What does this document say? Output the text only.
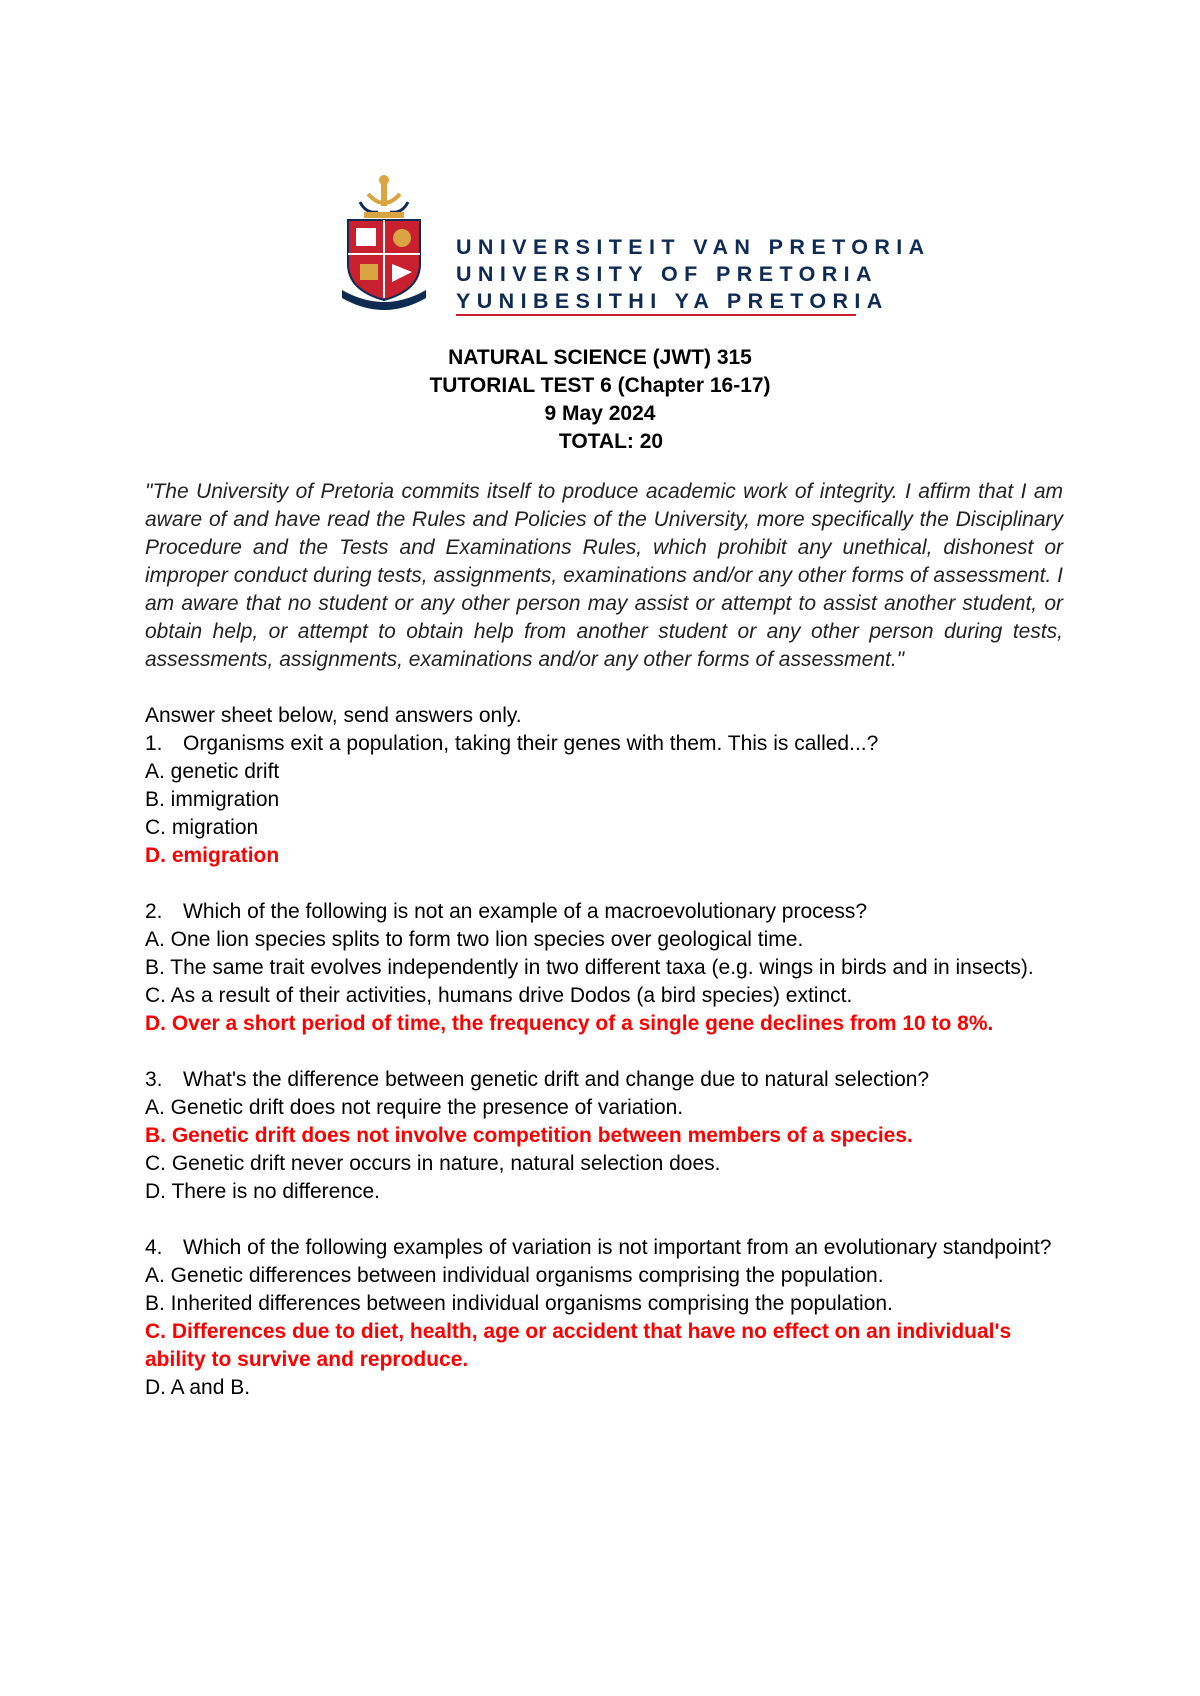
UNIVERSITEIT VAN PRETORIA
UNIVERSITY OF PRETORIA
YUNIBESITHI YA PRETORIA
NATURAL SCIENCE (JWT) 315
TUTORIAL TEST 6 (Chapter 16-17)
9 May 2024
TOTAL: 20

"The University of Pretoria commits itself to produce academic work of integrity. I affirm that I am aware of and have read the Rules and Policies of the University, more specifically the Disciplinary Procedure and the Tests and Examinations Rules, which prohibit any unethical, dishonest or improper conduct during tests, assignments, examinations and/or any other forms of assessment. I am aware that no student or any other person may assist or attempt to assist another student, or obtain help, or attempt to obtain help from another student or any other person during tests, assessments, assignments, examinations and/or any other forms of assessment."

Answer sheet below, send answers only.
1. Organisms exit a population, taking their genes with them. This is called...?
A. genetic drift
B. immigration
C. migration
D. emigration
2. Which of the following is not an example of a macroevolutionary process?
A. One lion species splits to form two lion species over geological time.
B. The same trait evolves independently in two different taxa (e.g. wings in birds and in insects).
C. As a result of their activities, humans drive Dodos (a bird species) extinct.
D. Over a short period of time, the frequency of a single gene declines from 10 to 8%.
3. What's the difference between genetic drift and change due to natural selection?
A. Genetic drift does not require the presence of variation.
B. Genetic drift does not involve competition between members of a species.
C. Genetic drift never occurs in nature, natural selection does.
D. There is no difference.
4. Which of the following examples of variation is not important from an evolutionary standpoint?
A. Genetic differences between individual organisms comprising the population.
B. Inherited differences between individual organisms comprising the population.
C. Differences due to diet, health, age or accident that have no effect on an individual's ability to survive and reproduce.
D. A and B.
